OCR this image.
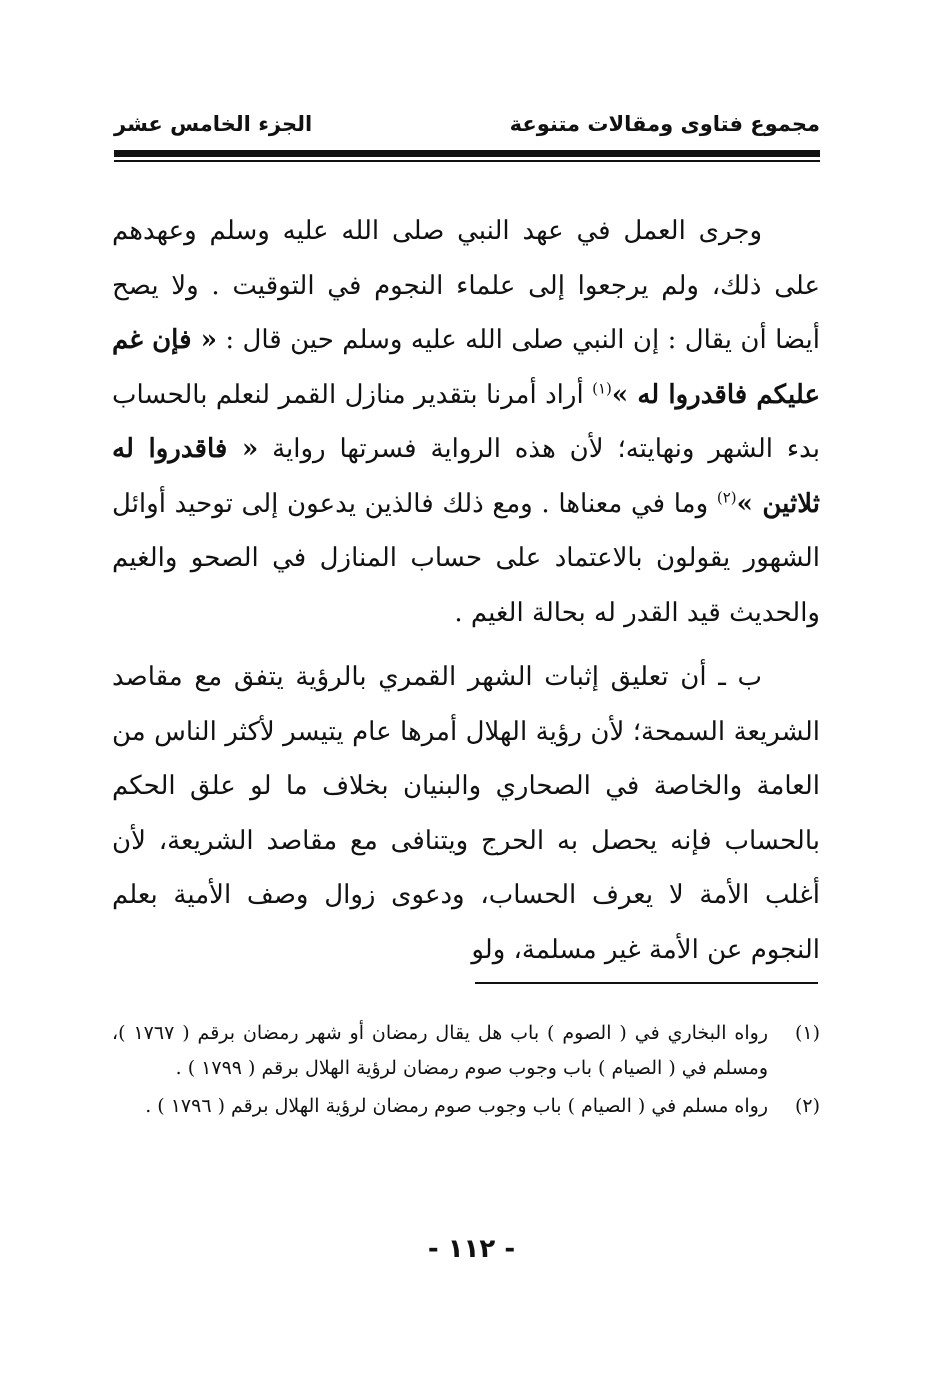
مجموع فتاوى ومقالات متنوعة
الجزء الخامس عشر

وجرى العمل في عهد النبي صلى الله عليه وسلم وعهدهم على ذلك، ولم يرجعوا إلى علماء النجوم في التوقيت . ولا يصح أيضا أن يقال : إن النبي صلى الله عليه وسلم حين قال : « فإن غم عليكم فاقدروا له »$^{(١)}$ أراد أمرنا بتقدير منازل القمر لنعلم بالحساب بدء الشهر ونهايته؛ لأن هذه الرواية فسرتها رواية « فاقدروا له ثلاثين »$^{(٢)}$ وما في معناها . ومع ذلك فالذين يدعون إلى توحيد أوائل الشهور يقولون بالاعتماد على حساب المنازل في الصحو والغيم والحديث قيد القدر له بحالة الغيم .

ب ـ أن تعليق إثبات الشهر القمري بالرؤية يتفق مع مقاصد الشريعة السمحة؛ لأن رؤية الهلال أمرها عام يتيسر لأكثر الناس من العامة والخاصة في الصحاري والبنيان بخلاف ما لو علق الحكم بالحساب فإنه يحصل به الحرج ويتنافى مع مقاصد الشريعة، لأن أغلب الأمة لا يعرف الحساب، ودعوى زوال وصف الأمية بعلم النجوم عن الأمة غير مسلمة، ولو

(١)
رواه البخاري في ( الصوم ) باب هل يقال رمضان أو شهر رمضان برقم ( ١٧٦٧ )، ومسلم في ( الصيام ) باب وجوب صوم رمضان لرؤية الهلال برقم ( ١٧٩٩ ) .
(٢)
رواه مسلم في ( الصيام ) باب وجوب صوم رمضان لرؤية الهلال برقم ( ١٧٩٦ ) .
- ١١٢ -
